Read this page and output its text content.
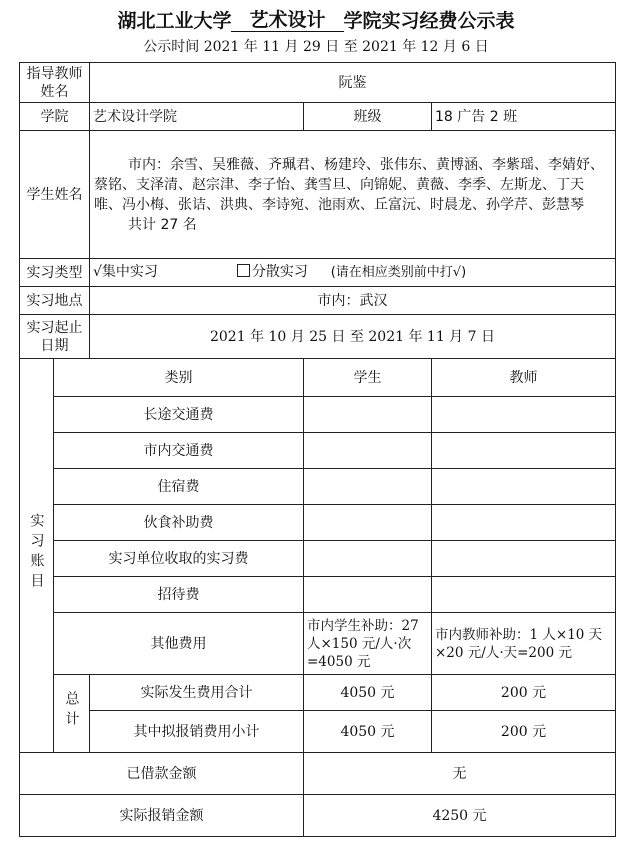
湖北工业大学 艺术设计 学院实习经费公示表
公示时间 2021 年 11 月 29 日 至 2021 年 12 月 6 日
指导教师姓名		阮鉴		
学院		艺术设计学院	班级	18 广告 2 班
学生姓名		市内：余雪、吴雅薇、齐珮君、杨建玲、张伟东、黄博涵、李紫瑶、李婧妤、蔡铭、支泽清、赵宗津、李子怡、龚雪旦、向锦妮、黄薇、李季、左斯龙、丁天唯、冯小梅、张诘、洪典、李诗宛、池雨欢、丘富沅、时晨龙、孙学芹、彭慧琴
共计 27 名		

实习类型		√集中实习 分散实习 (请在相应类别前中打√)		
实习地点		市内：武汉		
实习起止日期		2021 年 10 月 25 日 至 2021 年 11 月 7 日		
实习账目	类别		学生	教师
	长途交通费			
	市内交通费			
	住宿费			
	伙食补助费			
	实习单位收取的实习费			
	招待费			
	其他费用		市内学生补助：27 人×150 元/人·次=4050 元	市内教师补助：1 人×10 天×20 元/人·天=200 元
	总计	实际发生费用合计	4050 元	200 元
		其中拟报销费用小计	4050 元	200 元
已借款金额			无	
实际报销金额			4250 元	
